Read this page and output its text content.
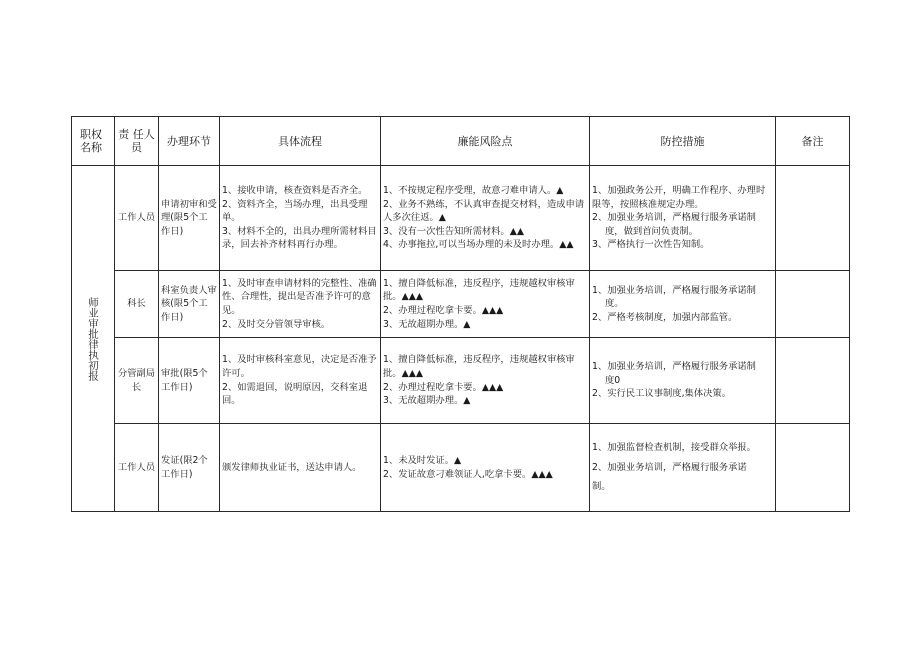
职权名称	责 任人 员	办理环节	具体流程	廉能风险点	防控措施	备注

师业审批律执初报	工作人员	申请初审和受理(限5个工作日)	1、接收申请，核查资料是否齐全。
2、资料齐全，当场办理，出具受理单。
3、材料不全的，出具办理所需材料目录，回去补齐材料再行办理。	1、不按规定程序受理，故意刁难申请人。▲
2、业务不熟练，不认真审查提交材料，造成申请人多次往返。▲
3、没有一次性告知所需材料。▲▲
4、办事拖拉,可以当场办理的未及时办理。▲▲	1、加强政务公开，明确工作程序、办理时限等，按照核准规定办理。
2、加强业务培训，严格履行服务承诺制
度，做到首问负责制。
3、严格执行一次性告知制。	

	科长	科室负责人审核(限5个工作日)	1、及时审查申请材料的完整性、准确性、合理性，提出是否准予许可的意见。
2、及时交分管领导审核。	1、擅自降低标准，违反程序，违规越权审核审批。▲▲▲
2、办理过程吃拿卡要。▲▲▲
3、无故超期办理。▲	1、加强业务培训，严格履行服务承诺制
度。
2、严格考核制度，加强内部监管。	

	分管副局长	审批(限5个工作日)	1、及时审核科室意见，决定是否准予许可。
2、如需退回，说明原因，交科室退回。	1、擅自降低标准，违反程序，违规越权审核审批。▲▲▲
2、办理过程吃拿卡要。▲▲▲
3、无故超期办理。▲	1、加强业务培训，严格履行服务承诺制
度0
2、实行民工议事制度,集体决策。	

	工作人员	发证(限2个工作日)	颁发律师执业证书，送达申请人。	1、未及时发证。▲
2、发证故意刁难领证人,吃拿卡要。▲▲▲	1、加强监督检查机制，接受群众举报。
2、加强业务培训，严格履行服务承诺
制。	
